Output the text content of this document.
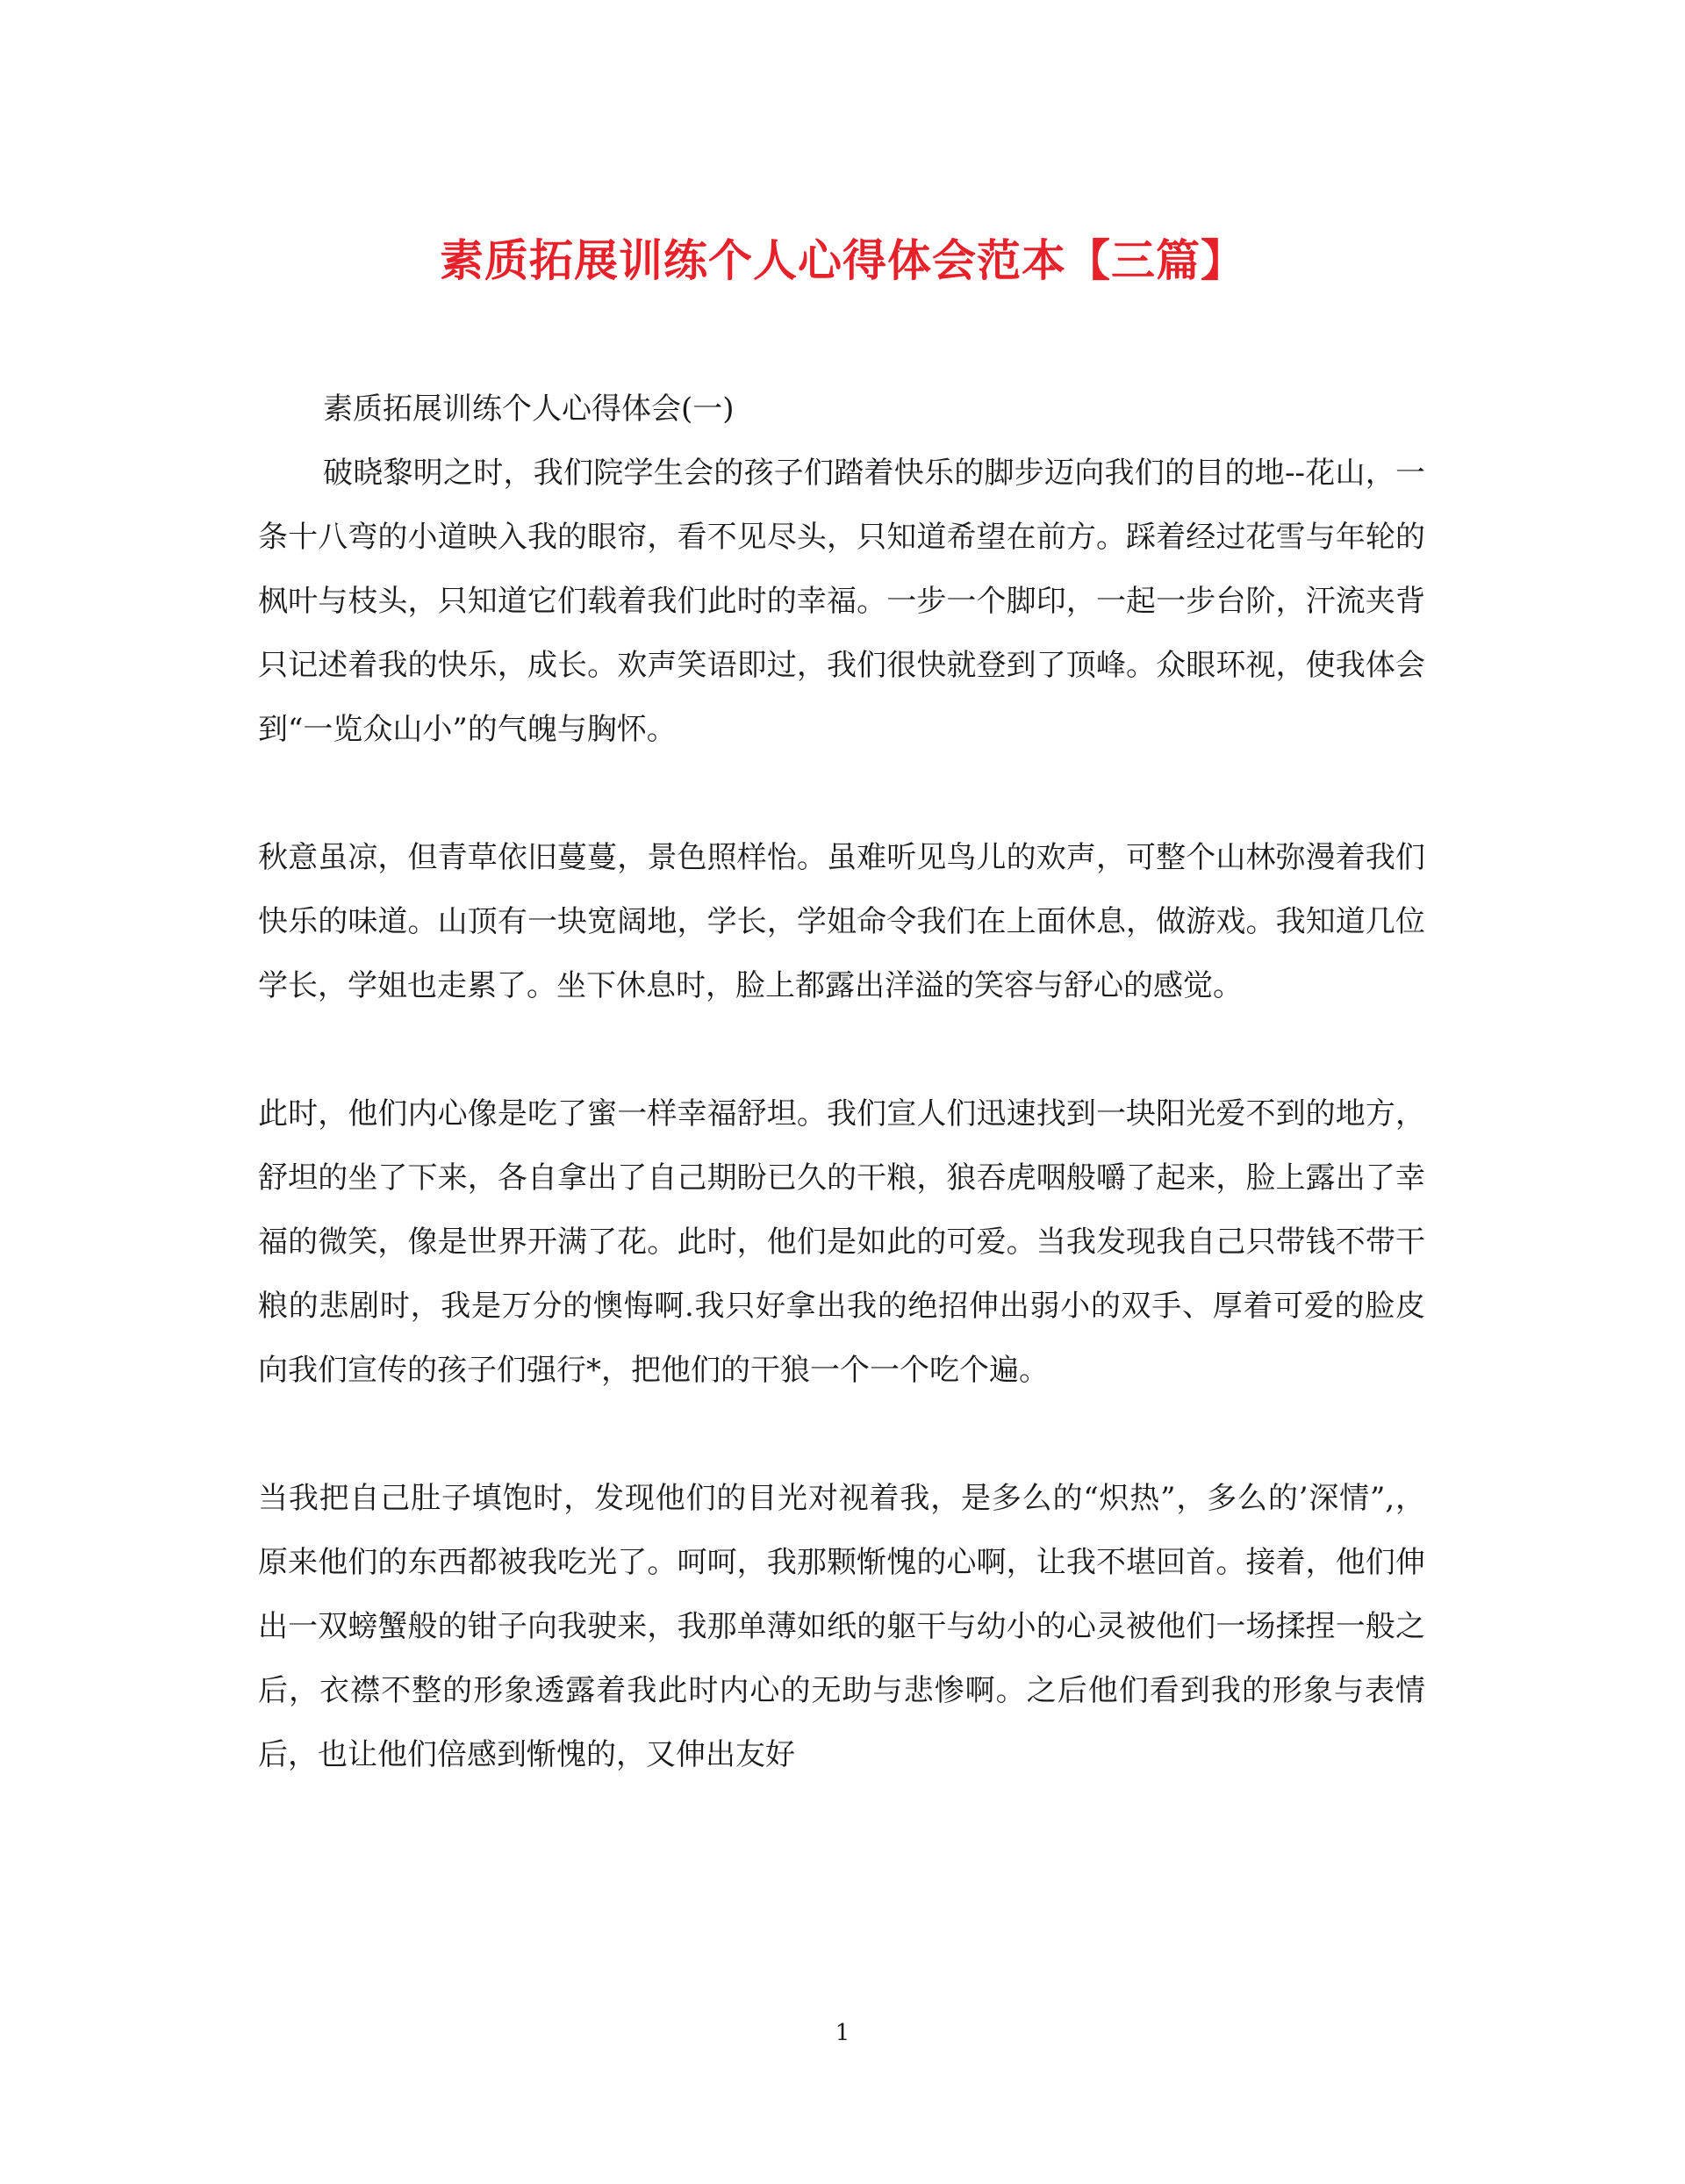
素质拓展训练个人心得体会范本【三篇】

素质拓展训练个人心得体会(一)

破晓黎明之时，我们院学生会的孩子们踏着快乐的脚步迈向我们的目的地--花山，一条十八弯的小道映入我的眼帘，看不见尽头，只知道希望在前方。踩着经过花雪与年轮的枫叶与枝头，只知道它们载着我们此时的幸福。一步一个脚印，一起一步台阶，汗流夹背只记述着我的快乐，成长。欢声笑语即过，我们很快就登到了顶峰。众眼环视，使我体会到“一览众山小”的气魄与胸怀。

秋意虽凉，但青草依旧蔓蔓，景色照样怡。虽难听见鸟儿的欢声，可整个山林弥漫着我们快乐的味道。山顶有一块宽阔地，学长，学姐命令我们在上面休息，做游戏。我知道几位学长，学姐也走累了。坐下休息时，脸上都露出洋溢的笑容与舒心的感觉。

此时，他们内心像是吃了蜜一样幸福舒坦。我们宣人们迅速找到一块阳光爱不到的地方，舒坦的坐了下来，各自拿出了自己期盼已久的干粮，狼吞虎咽般嚼了起来，脸上露出了幸福的微笑，像是世界开满了花。此时，他们是如此的可爱。当我发现我自己只带钱不带干粮的悲剧时，我是万分的懊悔啊.我只好拿出我的绝招伸出弱小的双手、厚着可爱的脸皮向我们宣传的孩子们强行*，把他们的干狼一个一个吃个遍。

当我把自己肚子填饱时，发现他们的目光对视着我，是多么的“炽热”，多么的’深情”,，原来他们的东西都被我吃光了。呵呵，我那颗惭愧的心啊，让我不堪回首。接着，他们伸出一双螃蟹般的钳子向我驶来，我那单薄如纸的躯干与幼小的心灵被他们一场揉捏一般之后，衣襟不整的形象透露着我此时内心的无助与悲惨啊。之后他们看到我的形象与表情后，也让他们倍感到惭愧的，又伸出友好

1
